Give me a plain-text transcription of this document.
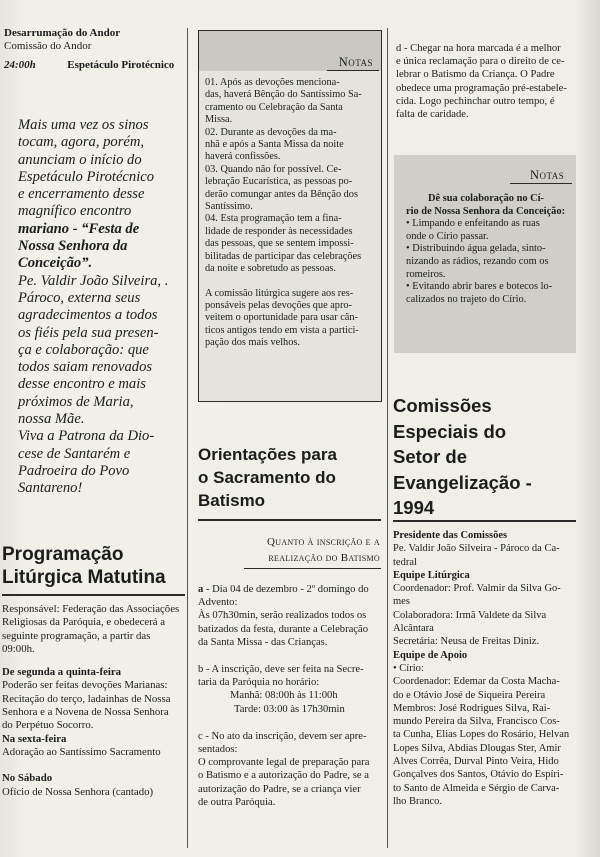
Desarrumação do Andor
Comissão do Andor
24:00h	Espetáculo Pirotécnico
Mais uma vez os sinos
tocam, agora, porém,
anunciam o início do
Espetáculo Pirotécnico
e encerramento desse
magnífico encontro
mariano - “Festa de
Nossa Senhora da
Conceição”.
Pe. Valdir João Silveira, .
Pároco, externa seus
agradecimentos a todos
os fiéis pela sua presen-
ça e colaboração: que
todos saiam renovados
desse encontro e mais
próximos de Maria,
nossa Mãe.
Viva a Patrona da Dio-
cese de Santarém e
Padroeira do Povo
Santareno!
Programação
Litúrgica Matutina
Responsável: Federação das Associações
Religiosas da Paróquia, e obedecerá a
seguinte programação, a partir das
09:00h.
De segunda a quinta-feira
Poderão ser feitas devoções Marianas:
Recitação do terço, ladainhas de Nossa
Senhora e a Novena de Nossa Senhora
do Perpétuo Socorro.
Na sexta-feira
Adoração ao Santíssimo Sacramento
No Sábado
Ofício de Nossa Senhora (cantado)
Notas
01. Após as devoções menciona-
das, haverá Bênção do Santíssimo Sa-
cramento ou Celebração da Santa
Missa.
02. Durante as devoções da ma-
nhã e após a Santa Missa da noite
haverá confissões.
03. Quando não for possível. Ce-
lebração Eucarística, as pessoas po-
derão comungar antes da Bênção dos
Santíssimo.
04. Esta programação tem a fina-
lidade de responder às necessidades
das pessoas, que se sentem impossi-
bilitadas de participar das celebrações
da noite e sobretudo as pessoas.
A comissão litúrgica sugere aos res-
ponsáveis pelas devoções que apro-
veitem o oportunidade para usar cân-
ticos antigos tendo em vista a partici-
pação dos mais velhos.
Orientações para
o Sacramento do
Batismo
Quanto à inscrição e a
realização do Batismo
a - Dia 04 de dezembro - 2º domingo do
Advento:
Às 07h30min, serão realizados todos os
batizados da festa, durante a Celebração
da Santa Missa - das Crianças.
b - A inscrição, deve ser feita na Secre-
taria da Paróquia no horário:
Manhã: 08:00h às 11:00h
Tarde: 03:00 às 17h30min
c - No ato da inscrição, devem ser apre-
sentados:
O comprovante legal de preparação para
o Batismo e a autorização do Padre, se a
autorização do Padre, se a criança vier
de outra Paróquia.
d - Chegar na hora marcada é a melhor
e única reclamação para o direito de ce-
lebrar o Batismo da Criança. O Padre
obedece uma programação pré-estabele-
cida. Logo pechinchar outro tempo, é
falta de caridade.
Notas
Dê sua colaboração no Cí-
rio de Nossa Senhora da Conceição:
• Limpando e enfeitando as ruas
onde o Círio passar.
• Distribuindo água gelada, sinto-
nizando as rádios, rezando com os
romeiros.
• Evitando abrir bares e botecos lo-
calizados no trajeto do Círio.
Comissões
Especiais do
Setor de
Evangelização -
1994
Presidente das Comissões
Pe. Valdir João Silveira - Pároco da Ca-
tedral
Equipe Litúrgica
Coordenador: Prof. Valmir da Silva Go-
mes
Colaboradora: Irmã Valdete da Silva
Alcântara
Secretária: Neusa de Freitas Diniz.
Equipe de Apoio
• Círio:
Coordenador: Edemar da Costa Macha-
do e Otávio José de Siqueira Pereira
Membros: José Rodrigues Silva, Rai-
mundo Pereira da Silva, Francisco Cos-
ta Cunha, Elias Lopes do Rosário, Helvan
Lopes Silva, Abdias Dlougas Ster, Amir
Alves Corrêa, Durval Pinto Veira, Hido
Gonçalves dos Santos, Otávio do Espíri-
to Santo de Almeida e Sérgio de Carva-
lho Branco.
